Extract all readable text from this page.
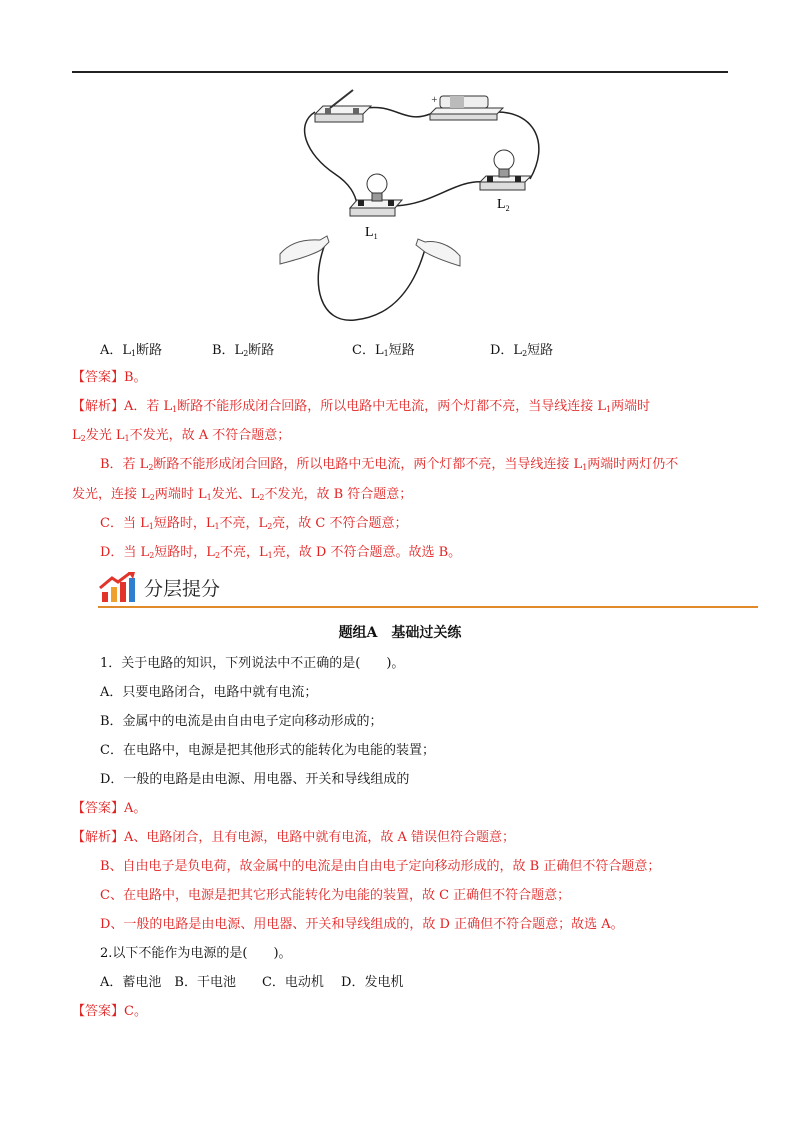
+
$L_1$
$L_2$
A．$L_1$断路	B．$L_2$断路	C．$L_1$短路	D．$L_2$短路
【答案】B。
【解析】A．若 $L_1$断路不能形成闭合回路，所以电路中无电流，两个灯都不亮，当导线连接 $L_1$两端时
$L_2$发光 $L_1$不发光，故 A 不符合题意；
B．若 $L_2$断路不能形成闭合回路，所以电路中无电流，两个灯都不亮，当导线连接 $L_1$两端时两灯仍不
发光，连接 $L_2$两端时 $L_1$发光、$L_2$不发光，故 B 符合题意；
C．当 $L_1$短路时，$L_1$不亮，$L_2$亮，故 C 不符合题意；
D．当 $L_2$短路时，$L_2$不亮，$L_1$亮，故 D 不符合题意。故选 B。
分层提分
题组A　基础过关练
1．关于电路的知识，下列说法中不正确的是(　　)。
A．只要电路闭合，电路中就有电流；
B．金属中的电流是由自由电子定向移动形成的；
C．在电路中，电源是把其他形式的能转化为电能的装置；
D．一般的电路是由电源、用电器、开关和导线组成的
【答案】A。
【解析】A、电路闭合，且有电源，电路中就有电流，故 A 错误但符合题意；
B、自由电子是负电荷，故金属中的电流是由自由电子定向移动形成的，故 B 正确但不符合题意；
C、在电路中，电源是把其它形式能转化为电能的装置，故 C 正确但不符合题意；
D、一般的电路是由电源、用电器、开关和导线组成的，故 D 正确但不符合题意；故选 A。
2.以下不能作为电源的是(　　)。
A．蓄电池　B．干电池　　C．电动机　 D．发电机
【答案】C。
